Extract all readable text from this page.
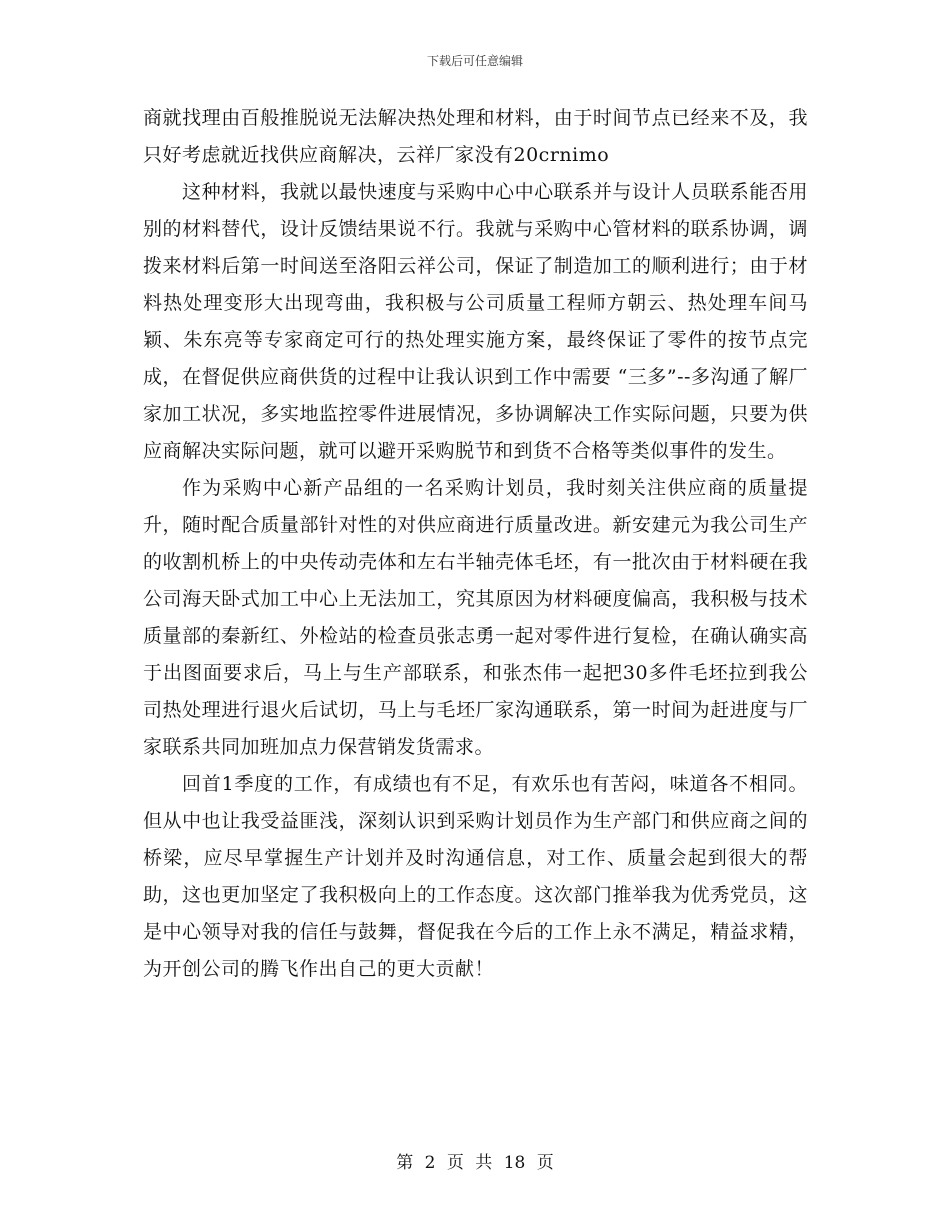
下载后可任意编辑

商就找理由百般推脱说无法解决热处理和材料，由于时间节点已经来不及，我只好考虑就近找供应商解决，云祥厂家没有20crnimo

这种材料，我就以最快速度与采购中心中心联系并与设计人员联系能否用别的材料替代，设计反馈结果说不行。我就与采购中心管材料的联系协调，调拨来材料后第一时间送至洛阳云祥公司，保证了制造加工的顺利进行；由于材料热处理变形大出现弯曲，我积极与公司质量工程师方朝云、热处理车间马颖、朱东亮等专家商定可行的热处理实施方案，最终保证了零件的按节点完成，在督促供应商供货的过程中让我认识到工作中需要 “三多”--多沟通了解厂家加工状况，多实地监控零件进展情况，多协调解决工作实际问题，只要为供应商解决实际问题，就可以避开采购脱节和到货不合格等类似事件的发生。

作为采购中心新产品组的一名采购计划员，我时刻关注供应商的质量提升，随时配合质量部针对性的对供应商进行质量改进。新安建元为我公司生产的收割机桥上的中央传动壳体和左右半轴壳体毛坯，有一批次由于材料硬在我公司海天卧式加工中心上无法加工，究其原因为材料硬度偏高，我积极与技术质量部的秦新红、外检站的检查员张志勇一起对零件进行复检，在确认确实高于出图面要求后，马上与生产部联系，和张杰伟一起把30多件毛坯拉到我公司热处理进行退火后试切，马上与毛坯厂家沟通联系，第一时间为赶进度与厂家联系共同加班加点力保营销发货需求。

回首1季度的工作，有成绩也有不足，有欢乐也有苦闷，味道各不相同。但从中也让我受益匪浅，深刻认识到采购计划员作为生产部门和供应商之间的桥梁，应尽早掌握生产计划并及时沟通信息，对工作、质量会起到很大的帮助，这也更加坚定了我积极向上的工作态度。这次部门推举我为优秀党员，这是中心领导对我的信任与鼓舞，督促我在今后的工作上永不满足，精益求精，为开创公司的腾飞作出自己的更大贡献！

第 2 页 共 18 页
